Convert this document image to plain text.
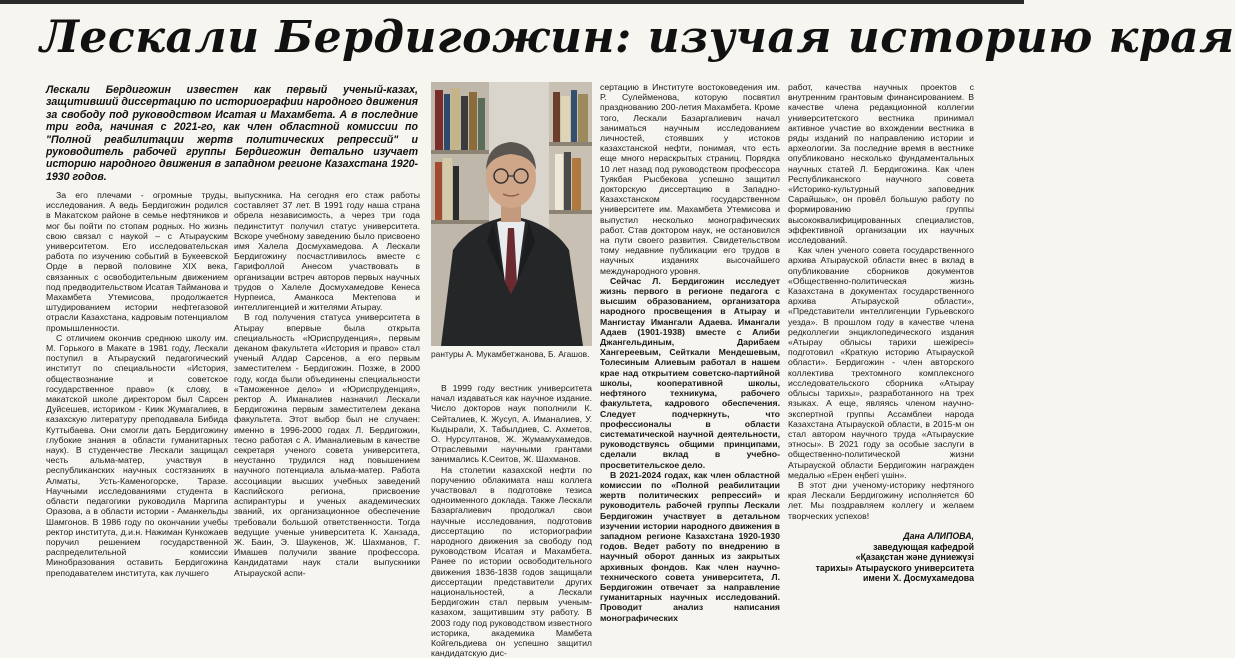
Лескали Бердигожин: изучая историю края
Лескали Бердигожин известен как первый ученый-казах, защитивший диссертацию по историографии народного движения за свободу под руководством Исатая и Махамбета. А в последние три года, начиная с 2021-го, как член областной комиссии по "Полной реабилитации жертв политических репрессий" и руководитель рабочей группы Бердигожин детально изучает историю народного движения в западном регионе Казахстана 1920-1930 годов.
рантуры А. Мукамбетжанова, Б. Агашов.

За его плечами - огромные труды, исследования. А ведь Бердигожин родился в Макатском районе в семье нефтяников и мог бы пойти по стопам родных. Но жизнь свою связал с наукой – с Атырауским университетом. Его исследовательская работа по изучению событий в Букеевской Орде в первой половине XIX века, связанных с освободительным движением под предводительством Исатая Тайманова и Махамбета Утемисова, продолжается штудированием истории нефтегазовой отрасли Казахстана, кадровым потенциалом промышленности.

С отличием окончив среднюю школу им. М. Горького в Макате в 1981 году, Лескали поступил в Атырауский педагогический институт по специальности «История, обществознание и советское государственное право» (к слову, в макатской школе директором был Сарсен Дуйсешев, историком - Киик Жумагалиев, в казахскую литературу преподавала Бибида Куттыбаева. Они смогли дать Бердигожину глубокие знания в области гуманитарных наук). В студенчестве Лескали защищал честь альма-матер, участвуя в республиканских научных состязаниях в Алматы, Усть-Каменогорске, Таразе. Научными исследованиями студента в области педагогики руководила Маргипа Оразова, а в области истории - Аманкельды Шамгонов. В 1986 году по окончании учебы ректор института, д.и.н. Нажиман Кункожаев поручил решением государственной распределительной комиссии Минобразования оставить Бердигожина преподавателем института, как лучшего

выпускника. На сегодня его стаж работы составляет 37 лет. В 1991 году наша страна обрела независимость, а через три года пединститут получил статус университета. Вскоре учебному заведению было присвоено имя Халела Досмухамедова. А Лескали Бердигожину посчастливилось вместе с Гарифоллой Анесом участвовать в организации встреч авторов первых научных трудов о Халеле Досмухамедове Кенеса Нурпеиса, Аманкоса Мектепова и интеллигенцией и жителями Атырау.

В год получения статуса университета в Атырау впервые была открыта специальность «Юриспруденция», первым деканом факультета «История и право» стал ученый Алдар Сарсенов, а его первым заместителем - Бердигожин. Позже, в 2000 году, когда были объединены специальности «Таможенное дело» и «Юриспруденция», ректор А. Иманалиев назначил Лескали Бердигожина первым заместителем декана факультета. Этот выбор был не случаен: именно в 1996-2000 годах Л. Бердигожин, тесно работая с А. Иманалиевым в качестве секретаря ученого совета университета, неустанно трудился над повышением научного потенциала альма-матер. Работа ассоциации высших учебных заведений Каспийского региона, присвоение аспирантуры и ученых академических званий, их организационное обеспечение требовали большой ответственности. Тогда ведущие ученые университета К. Ханзада, Ж. Баин, Э. Шаукенов, Ж. Шахманов, Г. Имашев получили звание профессора. Кандидатами наук стали выпускники Атырауской аспи-

В 1999 году вестник университета начал издаваться как научное издание. Число докторов наук пополнили К. Сейталиев, К. Жусуп, А. Иманалиев, У. Кыдырали, Х. Табылдиев, С. Ахметов, О. Нурсултанов, Ж. Жумамухамедов. Отраслевыми научными грантами занимались К.Сеитов, Ж. Шахманов.

На столетии казахской нефти по поручению облакимата наш коллега участвовал в подготовке тезиса одноименного доклада. Также Лескали Базаргалиевич продолжал свои научные исследования, подготовив диссертацию по историографии народного движения за свободу под руководством Исатая и Махамбета. Ранее по истории освободительного движения 1836-1838 годов защищали диссертации представители других национальностей, а Лескали Бердигожин стал первым ученым-казахом, защитившим эту работу. В 2003 году под руководством известного историка, академика Мамбета Койгельдиева он успешно защитил кандидатскую дис-

сертацию в Институте востоковедения им. Р. Сулейменова, которую посвятил празднованию 200-летия Махамбета. Кроме того, Лескали Базаргалиевич начал заниматься научным исследованием личностей, стоявших у истоков казахстанской нефти, понимая, что есть еще много нераскрытых страниц. Порядка 10 лет назад под руководством профессора Туякбая Рысбекова успешно защитил докторскую диссертацию в Западно-Казахстанском государственном университете им. Махамбета Утемисова и выпустил несколько монографических работ. Став доктором наук, не остановился на пути своего развития. Свидетельством тому недавние публикации его трудов в научных изданиях высочайшего международного уровня.

Сейчас Л. Бердигожин исследует жизнь первого в регионе педагога с высшим образованием, организатора народного просвещения в Атырау и Мангистау Имангали Адаева. Имангали Адаев (1901-1938) вместе с Алиби Джангельдиным, Дарибаем Хангереевым, Сейткали Мендешевым, Толесиным Алиевым работал в нашем крае над открытием советско-партийной школы, кооперативной школы, нефтяного техникума, рабочего факультета, кадрового обеспечения. Следует подчеркнуть, что профессионалы в области систематической научной деятельности, руководствуясь общими принципами, сделали вклад в учебно-просветительское дело.

В 2021-2024 годах, как член областной комиссии по «Полной реабилитации жертв политических репрессий» и руководитель рабочей группы Лескали Бердигожин участвует в детальном изучении истории народного движения в западном регионе Казахстана 1920-1930 годов. Ведет работу по внедрению в научный оборот данных из закрытых архивных фондов. Как член научно-технического совета университета, Л. Бердигожин отвечает за направление гуманитарных научных исследований. Проводит анализ написания монографических

работ, качества научных проектов с внутренним грантовым финансированием. В качестве члена редакционной коллегии университетского вестника принимал активное участие во вхождении вестника в ряды изданий по направлению истории и археологии. За последние время в вестнике опубликовано несколько фундаментальных научных статей Л. Бердигожина. Как член Республиканского научного совета «Историко-культурный заповедник Сарайшык», он провёл большую работу по формированию группы высококвалифицированных специалистов, эффективной организации их научных исследований.

Как член ученого совета государственного архива Атырауской области внес в вклад в опубликование сборников документов «Общественно-политическая жизнь Казахстана в документах государственного архива Атырауской области», «Представители интеллигенции Гурьевского уезда». В прошлом году в качестве члена редколлегии энциклопедического издания «Атырау облысы тарихи шежіресі» подготовил «Краткую историю Атырауской области». Бердигожин - член авторского коллектива трехтомного комплексного исследовательского сборника «Атырау облысы тарихы», разработанного на трех языках. А еще, являясь членом научно-экспертной группы Ассамблеи народа Казахстана Атырауской области, в 2015-м он стал автором научного труда «Атырауские этносы». В 2021 году за особые заслуги в общественно-политической жизни Атырауской области Бердигожин награжден медалью «Ерен еңбегі үшін».

В этот дни ученому-историку нефтяного края Лескали Бердигожину исполняется 60 лет. Мы поздравляем коллегу и желаем творческих успехов!

Дана АЛИПОВА,
заведующая кафедрой
«Қазақстан және дүниежүзі
тарихы» Атырауского университета
имени Х. Досмухамедова
